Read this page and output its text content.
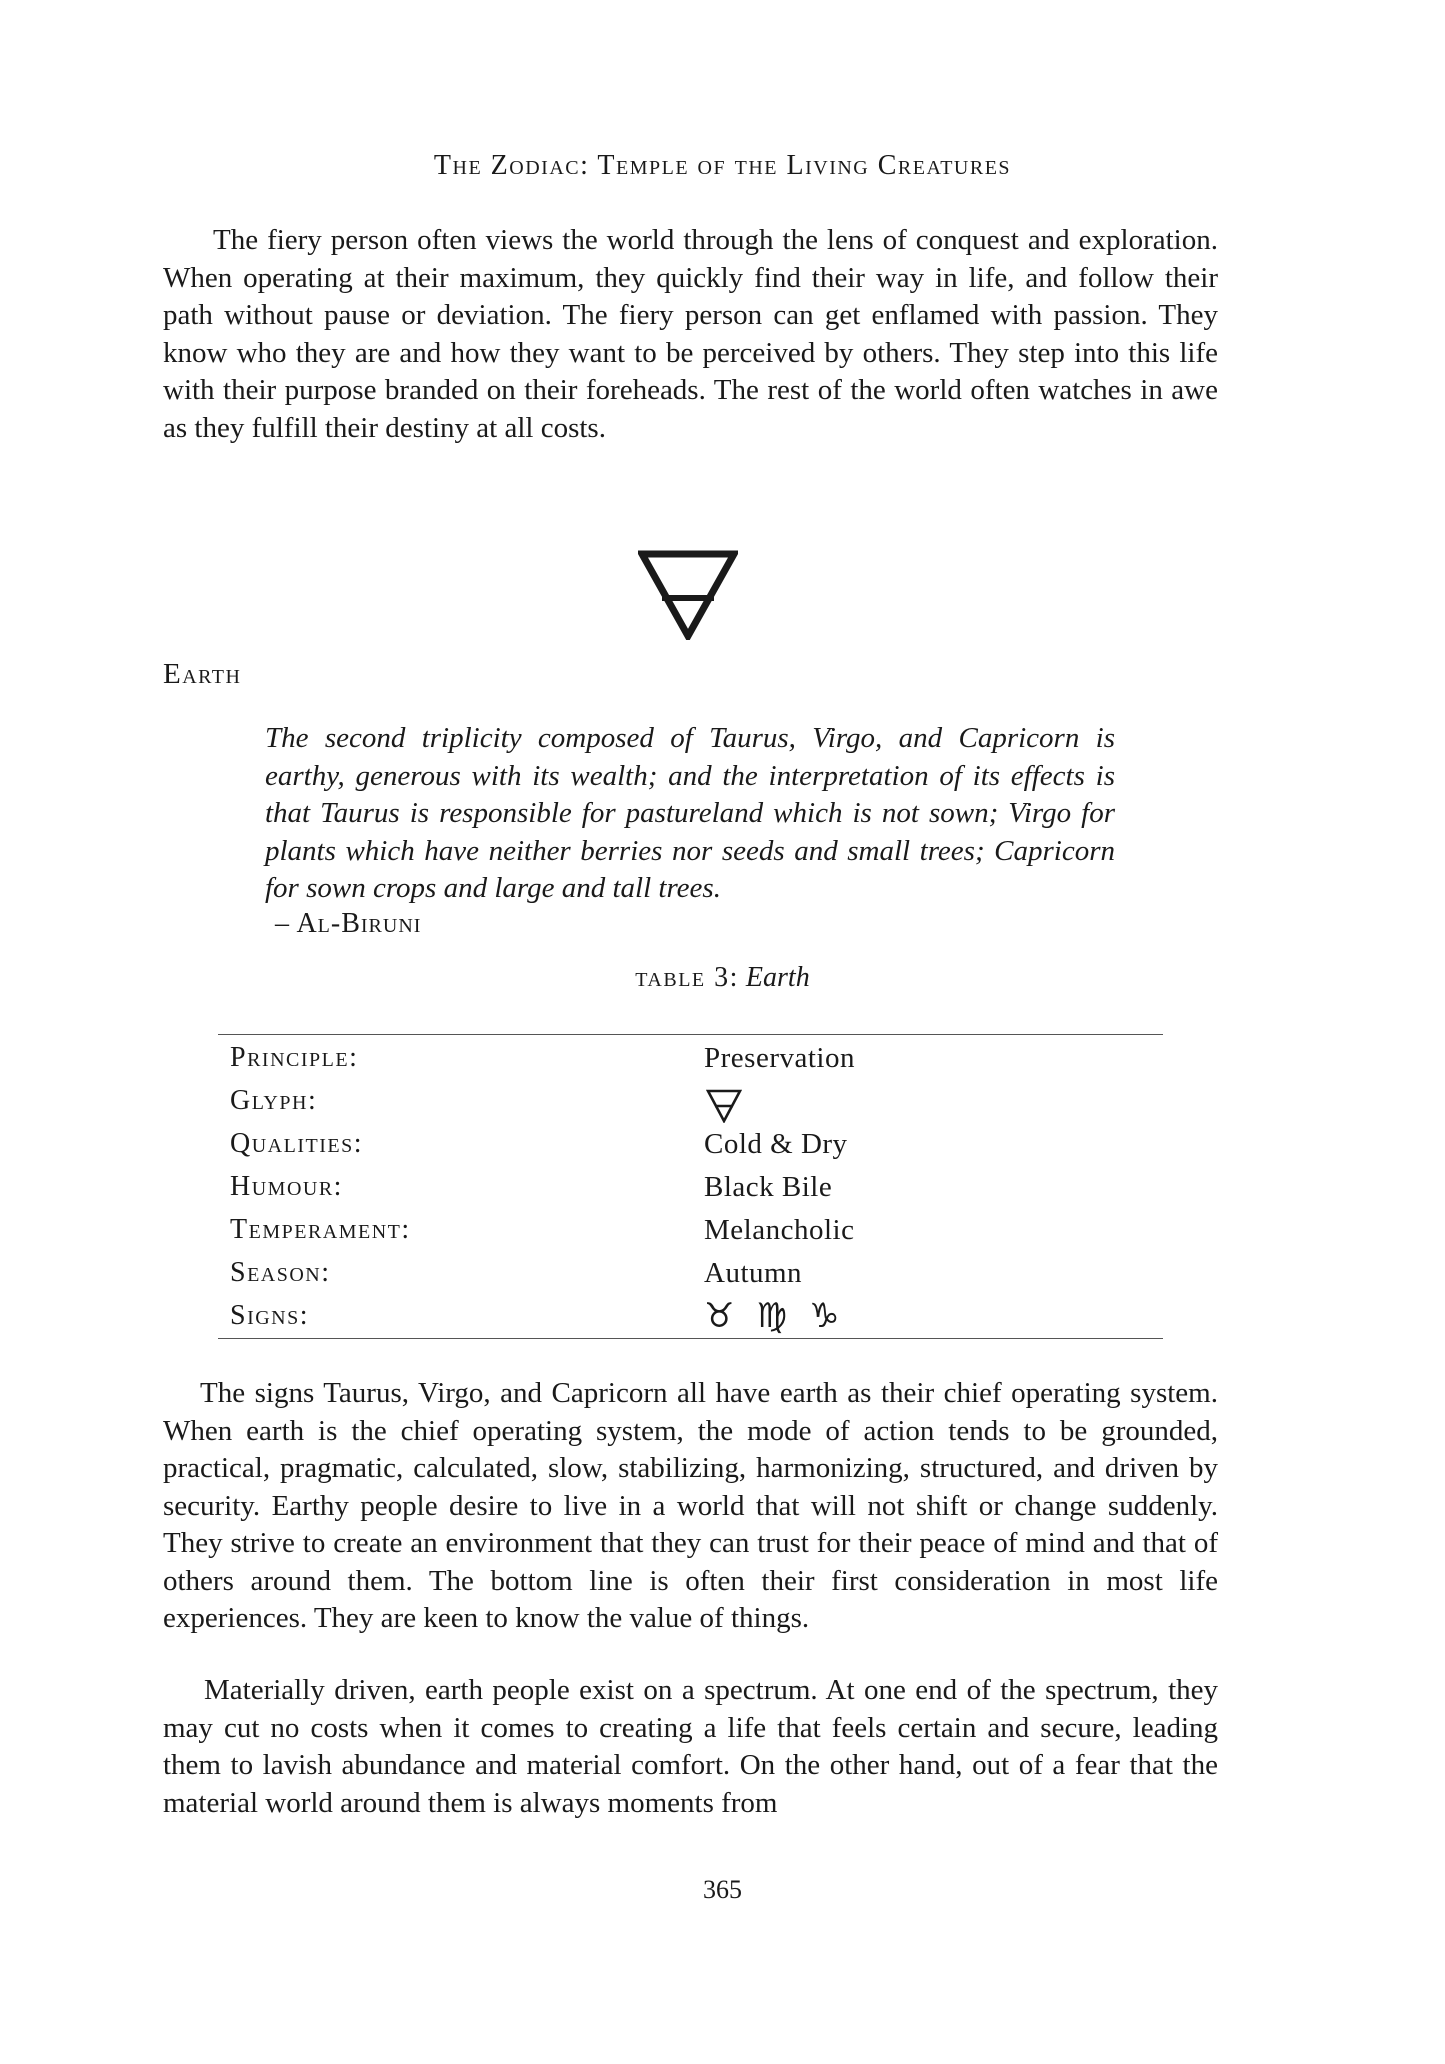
The Zodiac: Temple of the Living Creatures

The fiery person often views the world through the lens of conquest and exploration. When operating at their maximum, they quickly find their way in life, and follow their path without pause or deviation. The fiery person can get enflamed with passion. They know who they are and how they want to be perceived by others. They step into this life with their purpose branded on their foreheads. The rest of the world often watches in awe as they fulfill their destiny at all costs.

Earth

The second triplicity composed of Taurus, Virgo, and Capricorn is earthy, generous with its wealth; and the interpretation of its effects is that Taurus is responsible for pastureland which is not sown; Virgo for plants which have neither berries nor seeds and small trees; Capricorn for sown crops and large and tall trees.

– Al-Biruni
table 3: Earth
Principle:	Preservation
Glyph:
Qualities:	Cold & Dry
Humour:	Black Bile
Temperament:	Melancholic
Season:	Autumn
Signs:	♉♍♑

The signs Taurus, Virgo, and Capricorn all have earth as their chief operating system. When earth is the chief operating system, the mode of action tends to be grounded, practical, pragmatic, calculated, slow, stabilizing, harmonizing, structured, and driven by security. Earthy people desire to live in a world that will not shift or change suddenly. They strive to create an environment that they can trust for their peace of mind and that of others around them. The bottom line is often their first consideration in most life experiences. They are keen to know the value of things.

Materially driven, earth people exist on a spectrum. At one end of the spectrum, they may cut no costs when it comes to creating a life that feels certain and secure, leading them to lavish abundance and material comfort. On the other hand, out of a fear that the material world around them is always moments from

365
